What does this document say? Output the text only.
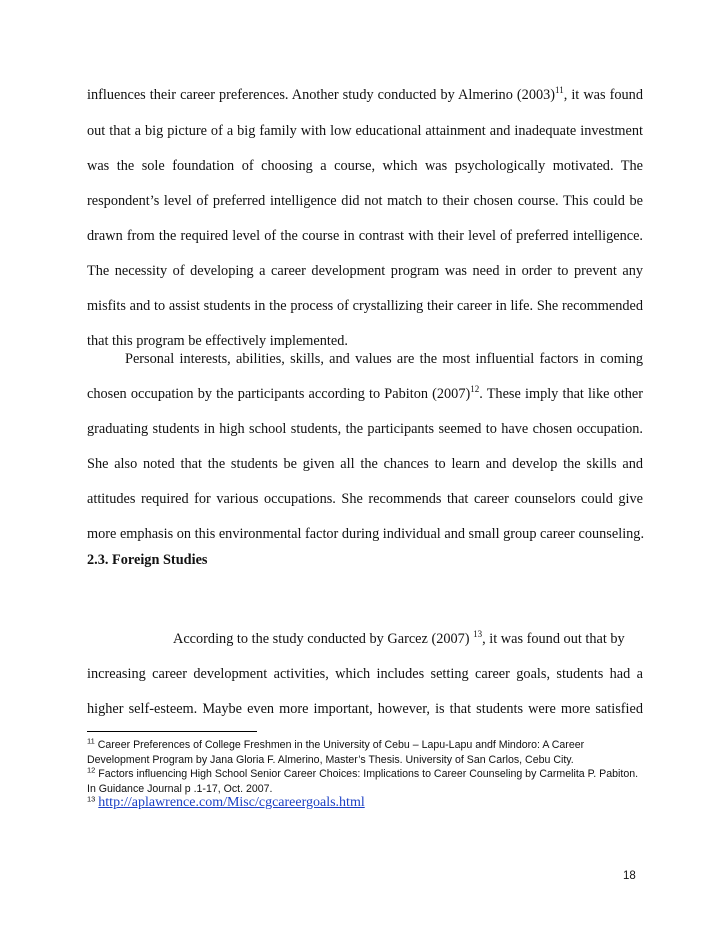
influences their career preferences. Another study conducted by Almerino $(2003)^{11}$, it was found
out that a big picture of a big family with low educational attainment and inadequate investment
was the sole foundation of choosing a course, which was psychologically motivated. The
respondent’s level of preferred intelligence did not match to their chosen course. This could be
drawn from the required level of the course in contrast with their level of preferred intelligence.
The necessity of developing a career development program was need in order to prevent any
misfits and to assist students in the process of crystallizing their career in life. She recommended
that this program be effectively implemented.
Personal interests, abilities, skills, and values are the most influential factors in coming
chosen occupation by the participants according to Pabiton $(2007)^{12}$. These imply that like other
graduating students in high school students, the participants seemed to have chosen occupation.
She also noted that the students be given all the chances to learn and develop the skills and
attitudes required for various occupations. She recommends that career counselors could give
more emphasis on this environmental factor during individual and small group career counseling.
2.3. Foreign Studies
According to the study conducted by Garcez (2007) $^{13}$, it was found out that by
increasing career development activities, which includes setting career goals, students had a
higher self-esteem. Maybe even more important, however, is that students were more satisfied
$^{11}$ Career Preferences of College Freshmen in the University of Cebu – Lapu-Lapu andf Mindoro: A Career Development Program by Jana Gloria F. Almerino, Master’s Thesis. University of San Carlos, Cebu City.
$^{12}$ Factors influencing High School Senior Career Choices: Implications to Career Counseling by Carmelita P. Pabiton. In Guidance Journal p .1-17, Oct. 2007.
$^{13}$ http://aplawrence.com/Misc/cgcareergoals.html
18
